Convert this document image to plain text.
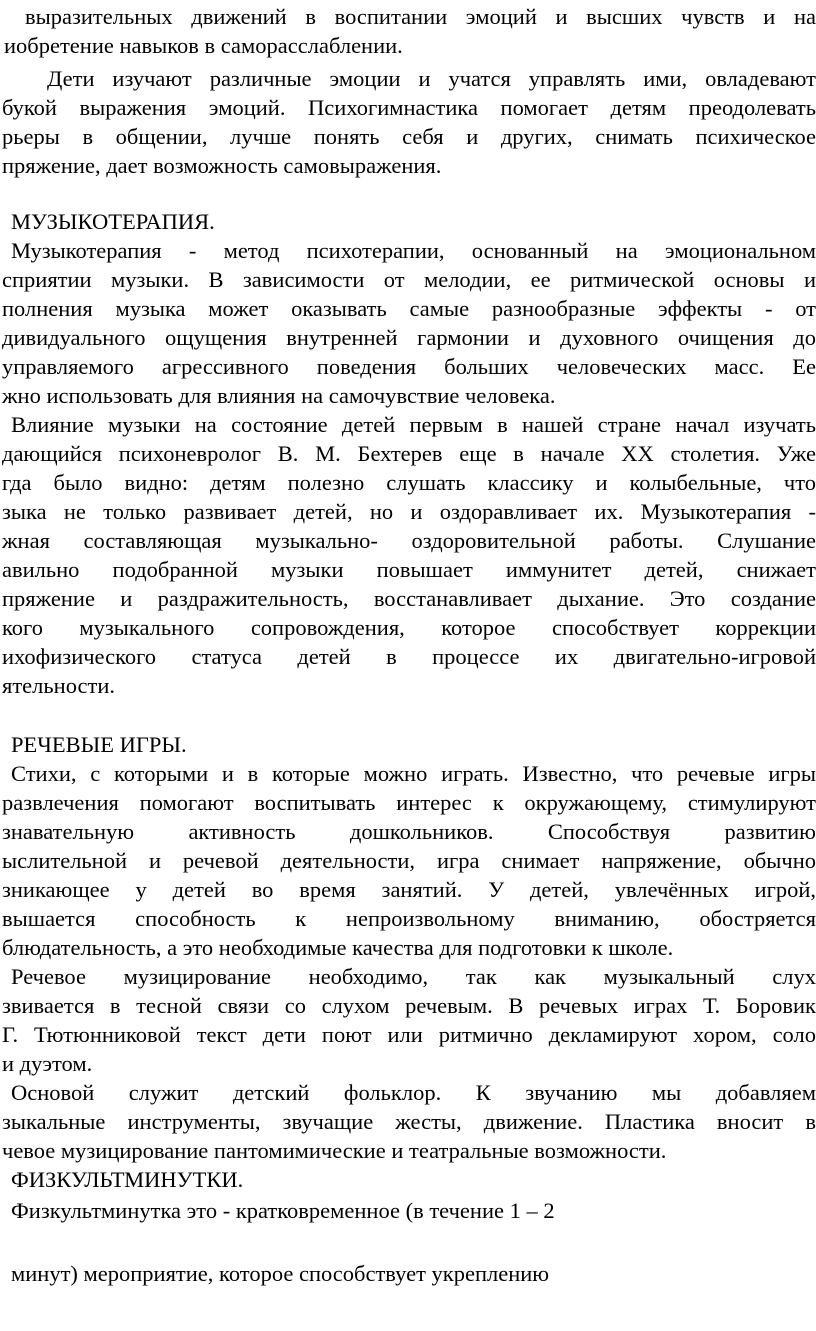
выразительных движений в воспитании эмоций и высших чувств и на
иобретение навыков в саморасслаблении.
Дети изучают различные эмоции и учатся управлять ими, овладевают
букой выражения эмоций. Психогимнастика помогает детям преодолевать
рьеры в общении, лучше понять себя и других, снимать психическое
пряжение, дает возможность самовыражения.
МУЗЫКОТЕРАПИЯ.
Музыкотерапия - метод психотерапии, основанный на эмоциональном
сприятии музыки. В зависимости от мелодии, ее ритмической основы и
полнения музыка может оказывать самые разнообразные эффекты - от
дивидуального ощущения внутренней гармонии и духовного очищения до
управляемого агрессивного поведения больших человеческих масс. Ее
жно использовать для влияния на самочувствие человека.
Влияние музыки на состояние детей первым в нашей стране начал изучать
дающийся психоневролог В. М. Бехтерев еще в начале XX столетия. Уже
гда было видно: детям полезно слушать классику и колыбельные, что
зыка не только развивает детей, но и оздоравливает их. Музыкотерапия -
жная составляющая музыкально- оздоровительной работы. Слушание
авильно подобранной музыки повышает иммунитет детей, снижает
пряжение и раздражительность, восстанавливает дыхание. Это создание
кого музыкального сопровождения, которое способствует коррекции
ихофизического статуса детей в процессе их двигательно-игровой
ятельности.
РЕЧЕВЫЕ ИГРЫ.
Стихи, с которыми и в которые можно играть. Известно, что речевые игры
развлечения помогают воспитывать интерес к окружающему, стимулируют
знавательную активность дошкольников. Способствуя развитию
ыслительной и речевой деятельности, игра снимает напряжение, обычно
зникающее у детей во время занятий. У детей, увлечённых игрой,
вышается способность к непроизвольному вниманию, обостряется
блюдательность, а это необходимые качества для подготовки к школе.
Речевое музицирование необходимо, так как музыкальный слух
звивается в тесной связи со слухом речевым. В речевых играх Т. Боровик
Г. Тютюнниковой текст дети поют или ритмично декламируют хором, соло
и дуэтом.
Основой служит детский фольклор. К звучанию мы добавляем
зыкальные инструменты, звучащие жесты, движение. Пластика вносит в
чевое музицирование пантомимические и театральные возможности.
ФИЗКУЛЬТМИНУТКИ.
Физкультминутка это - кратковременное (в течение 1 – 2
минут) мероприятие, которое способствует укреплению
